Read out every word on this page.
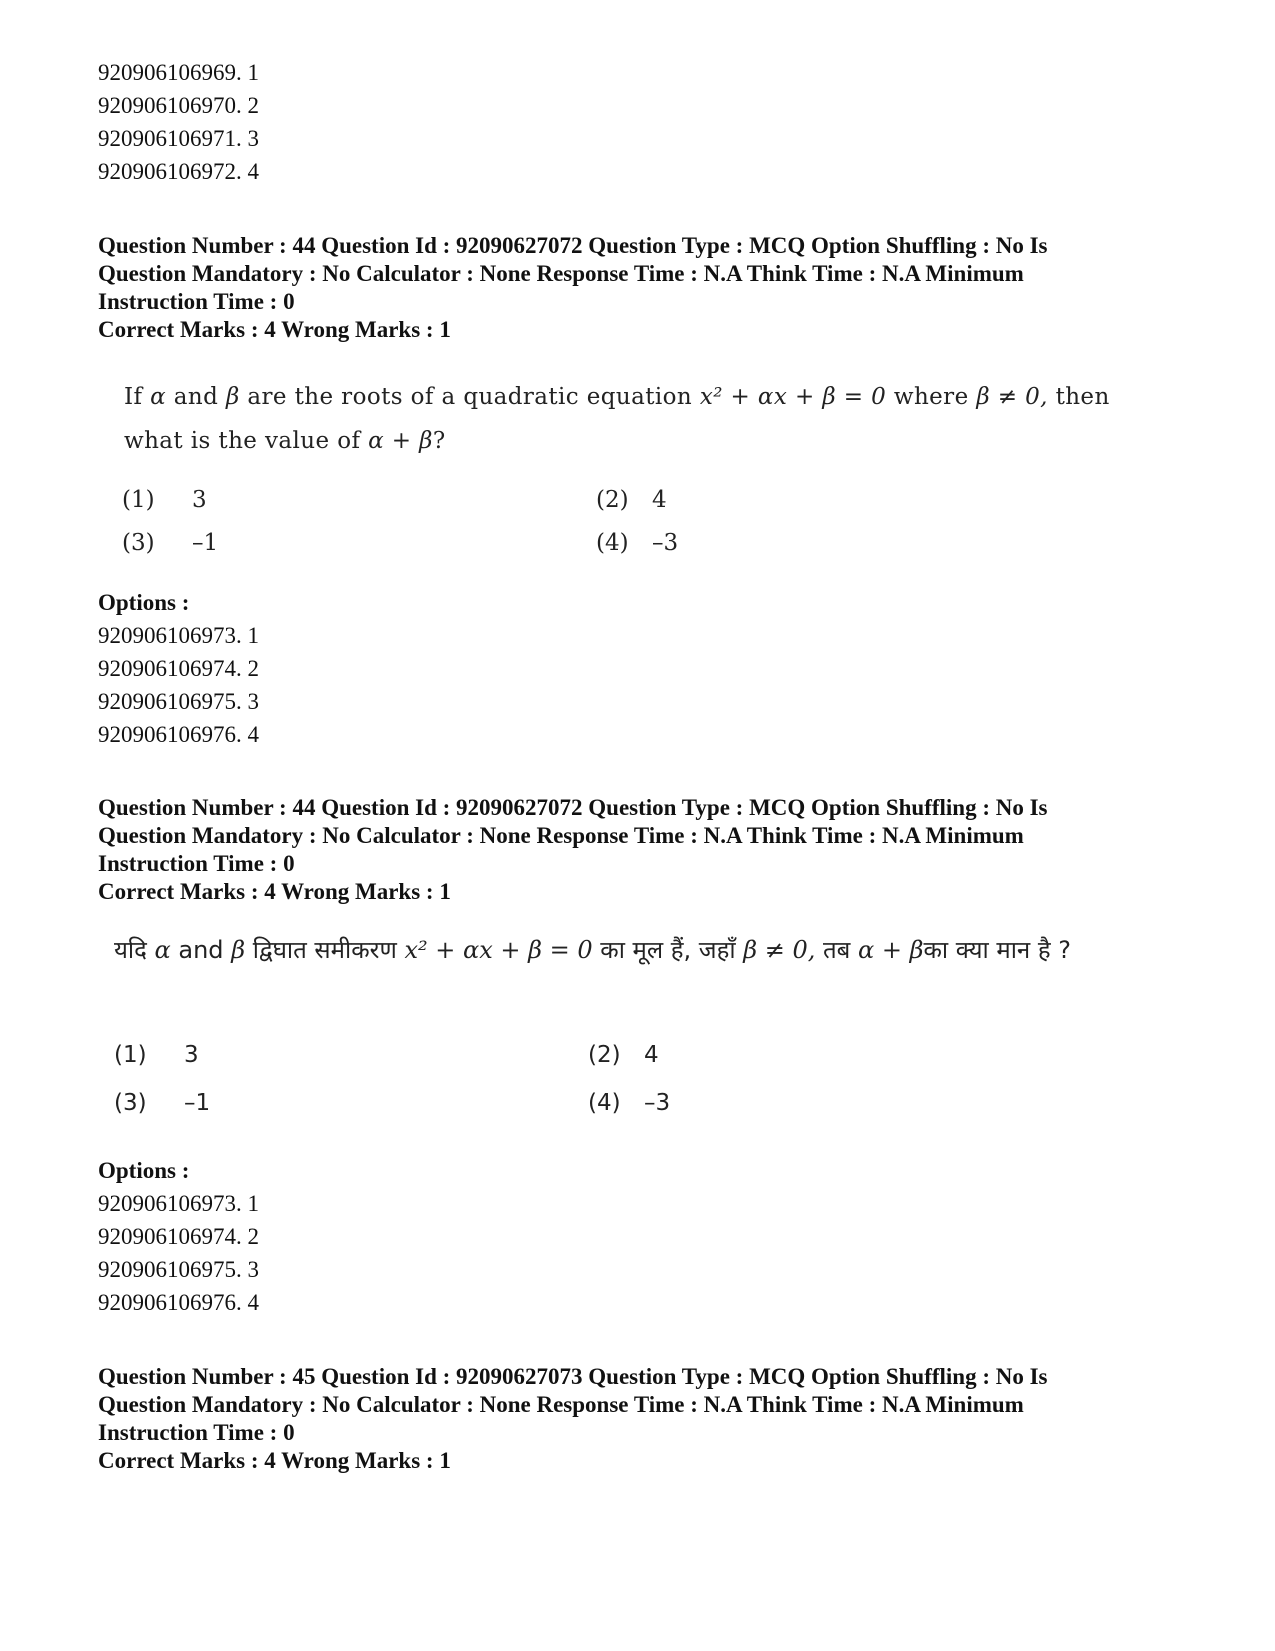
920906106969. 1
920906106970. 2
920906106971. 3
920906106972. 4
Question Number : 44 Question Id : 92090627072 Question Type : MCQ Option Shuffling : No Is
Question Mandatory : No Calculator : None Response Time : N.A Think Time : N.A Minimum
Instruction Time : 0
Correct Marks : 4 Wrong Marks : 1
If α and β are the roots of a quadratic equation x² + αx + β = 0 where β ≠ 0, then what is the value of α + β?
(1) 3	(2) 4
(3) –1	(4) –3
Options :
920906106973. 1
920906106974. 2
920906106975. 3
920906106976. 4
Question Number : 44 Question Id : 92090627072 Question Type : MCQ Option Shuffling : No Is
Question Mandatory : No Calculator : None Response Time : N.A Think Time : N.A Minimum
Instruction Time : 0
Correct Marks : 4 Wrong Marks : 1
यदि α and β द्विघात समीकरण x² + αx + β = 0 का मूल हैं, जहाँ β ≠ 0, तब α + βका क्या मान है ?
(1) 3	(2) 4
(3) –1	(4) –3
Options :
920906106973. 1
920906106974. 2
920906106975. 3
920906106976. 4
Question Number : 45 Question Id : 92090627073 Question Type : MCQ Option Shuffling : No Is
Question Mandatory : No Calculator : None Response Time : N.A Think Time : N.A Minimum
Instruction Time : 0
Correct Marks : 4 Wrong Marks : 1
